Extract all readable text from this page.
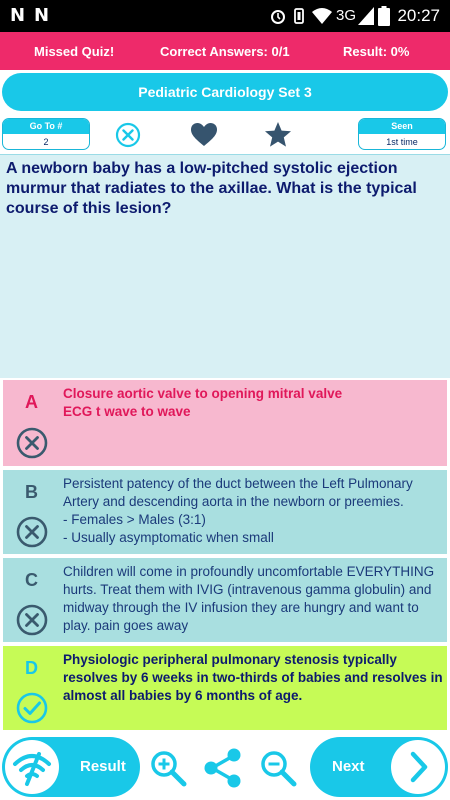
N N	3G 20:27
Missed Quiz!	Correct Answers: 0/1	Result: 0%
Pediatric Cardiology Set 3
Go To #
2
Seen
1st time
A newborn baby has a low-pitched systolic ejection murmur that radiates to the axillae. What is the typical course of this lesion?
A Closure aortic valve to opening mitral valve
ECG t wave to wave
B Persistent patency of the duct between the Left Pulmonary Artery and descending aorta in the newborn or preemies.
- Females > Males (3:1)
- Usually asymptomatic when small
C Children will come in profoundly uncomfortable EVERYTHING hurts. Treat them with IVIG (intravenous gamma globulin) and midway through the IV infusion they are hungry and want to play. pain goes away
D Physiologic peripheral pulmonary stenosis typically resolves by 6 weeks in two-thirds of babies and resolves in almost all babies by 6 months of age.
Result	Next
